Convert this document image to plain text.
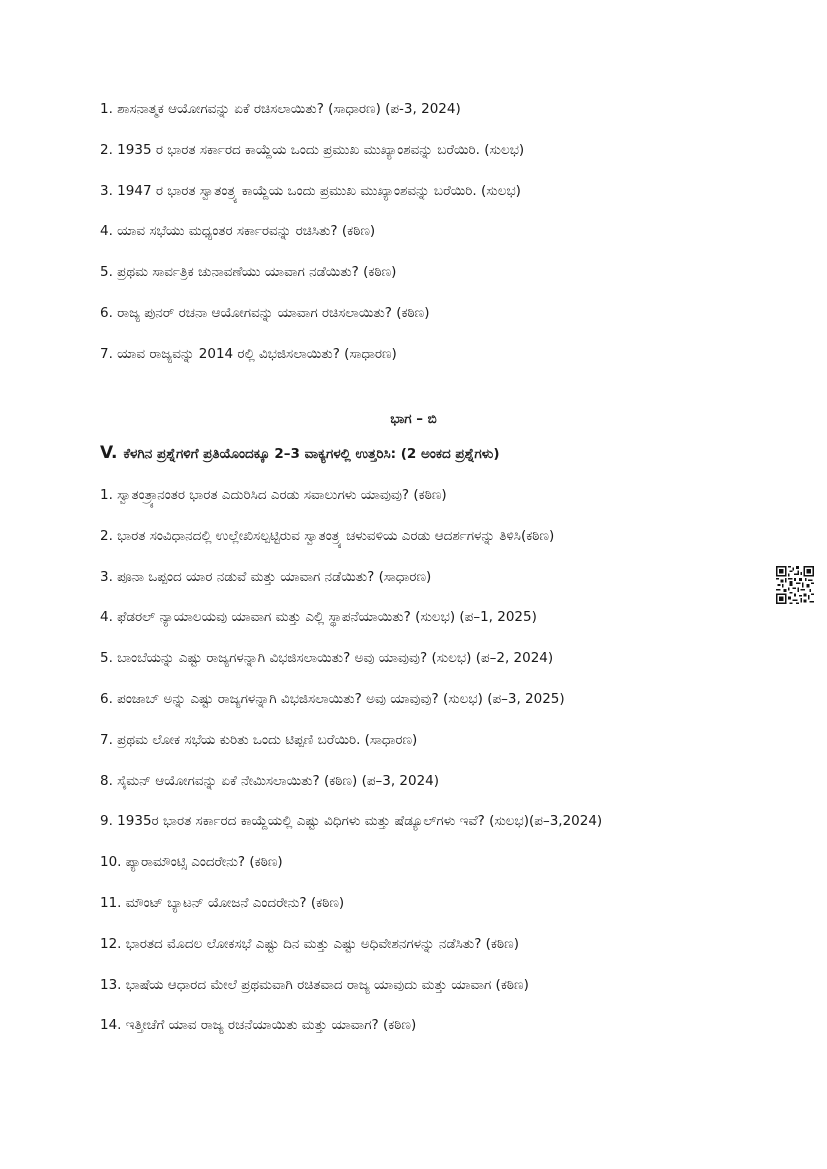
1. ಶಾಸನಾತ್ಮಕ ಆಯೋಗವನ್ನು ಏಕೆ ರಚಿಸಲಾಯಿತು? (ಸಾಧಾರಣ) (ಪ-3, 2024)
2. 1935 ರ ಭಾರತ ಸರ್ಕಾರದ ಕಾಯ್ದೆಯ ಒಂದು ಪ್ರಮುಖ ಮುಖ್ಯಾಂಶವನ್ನು ಬರೆಯಿರಿ. (ಸುಲಭ)
3. 1947 ರ ಭಾರತ ಸ್ವಾತಂತ್ರ್ಯ ಕಾಯ್ದೆಯ ಒಂದು ಪ್ರಮುಖ ಮುಖ್ಯಾಂಶವನ್ನು ಬರೆಯಿರಿ. (ಸುಲಭ)
4. ಯಾವ ಸಭೆಯು ಮಧ್ಯಂತರ ಸರ್ಕಾರವನ್ನು ರಚಿಸಿತು? (ಕಠಿಣ)
5. ಪ್ರಥಮ ಸಾರ್ವತ್ರಿಕ ಚುನಾವಣೆಯು ಯಾವಾಗ ನಡೆಯಿತು? (ಕಠಿಣ)
6. ರಾಜ್ಯ ಪುನರ್ ರಚನಾ ಆಯೋಗವನ್ನು ಯಾವಾಗ ರಚಿಸಲಾಯಿತು? (ಕಠಿಣ)
7. ಯಾವ ರಾಜ್ಯವನ್ನು 2014 ರಲ್ಲಿ ವಿಭಜಿಸಲಾಯಿತು? (ಸಾಧಾರಣ)
ಭಾಗ – ಬಿ
V. ಕೆಳಗಿನ ಪ್ರಶ್ನೆಗಳಿಗೆ ಪ್ರತಿಯೊಂದಕ್ಕೂ 2–3 ವಾಕ್ಯಗಳಲ್ಲಿ ಉತ್ತರಿಸಿ: (2 ಅಂಕದ ಪ್ರಶ್ನೆಗಳು)
1. ಸ್ವಾತಂತ್ರ್ಯಾನಂತರ ಭಾರತ ಎದುರಿಸಿದ ಎರಡು ಸವಾಲುಗಳು ಯಾವುವು? (ಕಠಿಣ)
2. ಭಾರತ ಸಂವಿಧಾನದಲ್ಲಿ ಉಲ್ಲೇಖಿಸಲ್ಪಟ್ಟಿರುವ ಸ್ವಾತಂತ್ರ್ಯ ಚಳುವಳಿಯ ಎರಡು ಆದರ್ಶಗಳನ್ನು ತಿಳಿಸಿ(ಕಠಿಣ)
3. ಪೂನಾ ಒಪ್ಪಂದ ಯಾರ ನಡುವೆ ಮತ್ತು ಯಾವಾಗ ನಡೆಯಿತು? (ಸಾಧಾರಣ)
4. ಫೆಡರಲ್ ನ್ಯಾಯಾಲಯವು ಯಾವಾಗ ಮತ್ತು ಎಲ್ಲಿ ಸ್ಥಾಪನೆಯಾಯಿತು? (ಸುಲಭ) (ಪ–1, 2025)
5. ಬಾಂಬೆಯನ್ನು ಎಷ್ಟು ರಾಜ್ಯಗಳನ್ನಾಗಿ ವಿಭಜಿಸಲಾಯಿತು? ಅವು ಯಾವುವು? (ಸುಲಭ) (ಪ–2, 2024)
6. ಪಂಜಾಬ್ ಅನ್ನು ಎಷ್ಟು ರಾಜ್ಯಗಳನ್ನಾಗಿ ವಿಭಜಿಸಲಾಯಿತು? ಅವು ಯಾವುವು? (ಸುಲಭ) (ಪ–3, 2025)
7. ಪ್ರಥಮ ಲೋಕ ಸಭೆಯ ಕುರಿತು ಒಂದು ಟಿಪ್ಪಣಿ ಬರೆಯಿರಿ. (ಸಾಧಾರಣ)
8. ಸೈಮನ್ ಆಯೋಗವನ್ನು ಏಕೆ ನೇಮಿಸಲಾಯಿತು? (ಕಠಿಣ) (ಪ–3, 2024)
9. 1935ರ ಭಾರತ ಸರ್ಕಾರದ ಕಾಯ್ದೆಯಲ್ಲಿ ಎಷ್ಟು ವಿಧಿಗಳು ಮತ್ತು ಷೆಡ್ಯೂಲ್‌ಗಳು ಇವೆ? (ಸುಲಭ)(ಪ–3,2024)
10. ಪ್ಯಾರಾಮೌಂಟ್ಸಿ ಎಂದರೇನು? (ಕಠಿಣ)
11. ಮೌಂಟ್ ಬ್ಯಾಟನ್ ಯೋಜನೆ ಎಂದರೇನು? (ಕಠಿಣ)
12. ಭಾರತದ ಮೊದಲ ಲೋಕಸಭೆ ಎಷ್ಟು ದಿನ ಮತ್ತು ಎಷ್ಟು ಅಧಿವೇಶನಗಳನ್ನು ನಡೆಸಿತು? (ಕಠಿಣ)
13. ಭಾಷೆಯ ಆಧಾರದ ಮೇಲೆ ಪ್ರಥಮವಾಗಿ ರಚಿತವಾದ ರಾಜ್ಯ ಯಾವುದು ಮತ್ತು ಯಾವಾಗ (ಕಠಿಣ)
14. ಇತ್ತೀಚೆಗೆ ಯಾವ ರಾಜ್ಯ ರಚನೆಯಾಯಿತು ಮತ್ತು ಯಾವಾಗ? (ಕಠಿಣ)
